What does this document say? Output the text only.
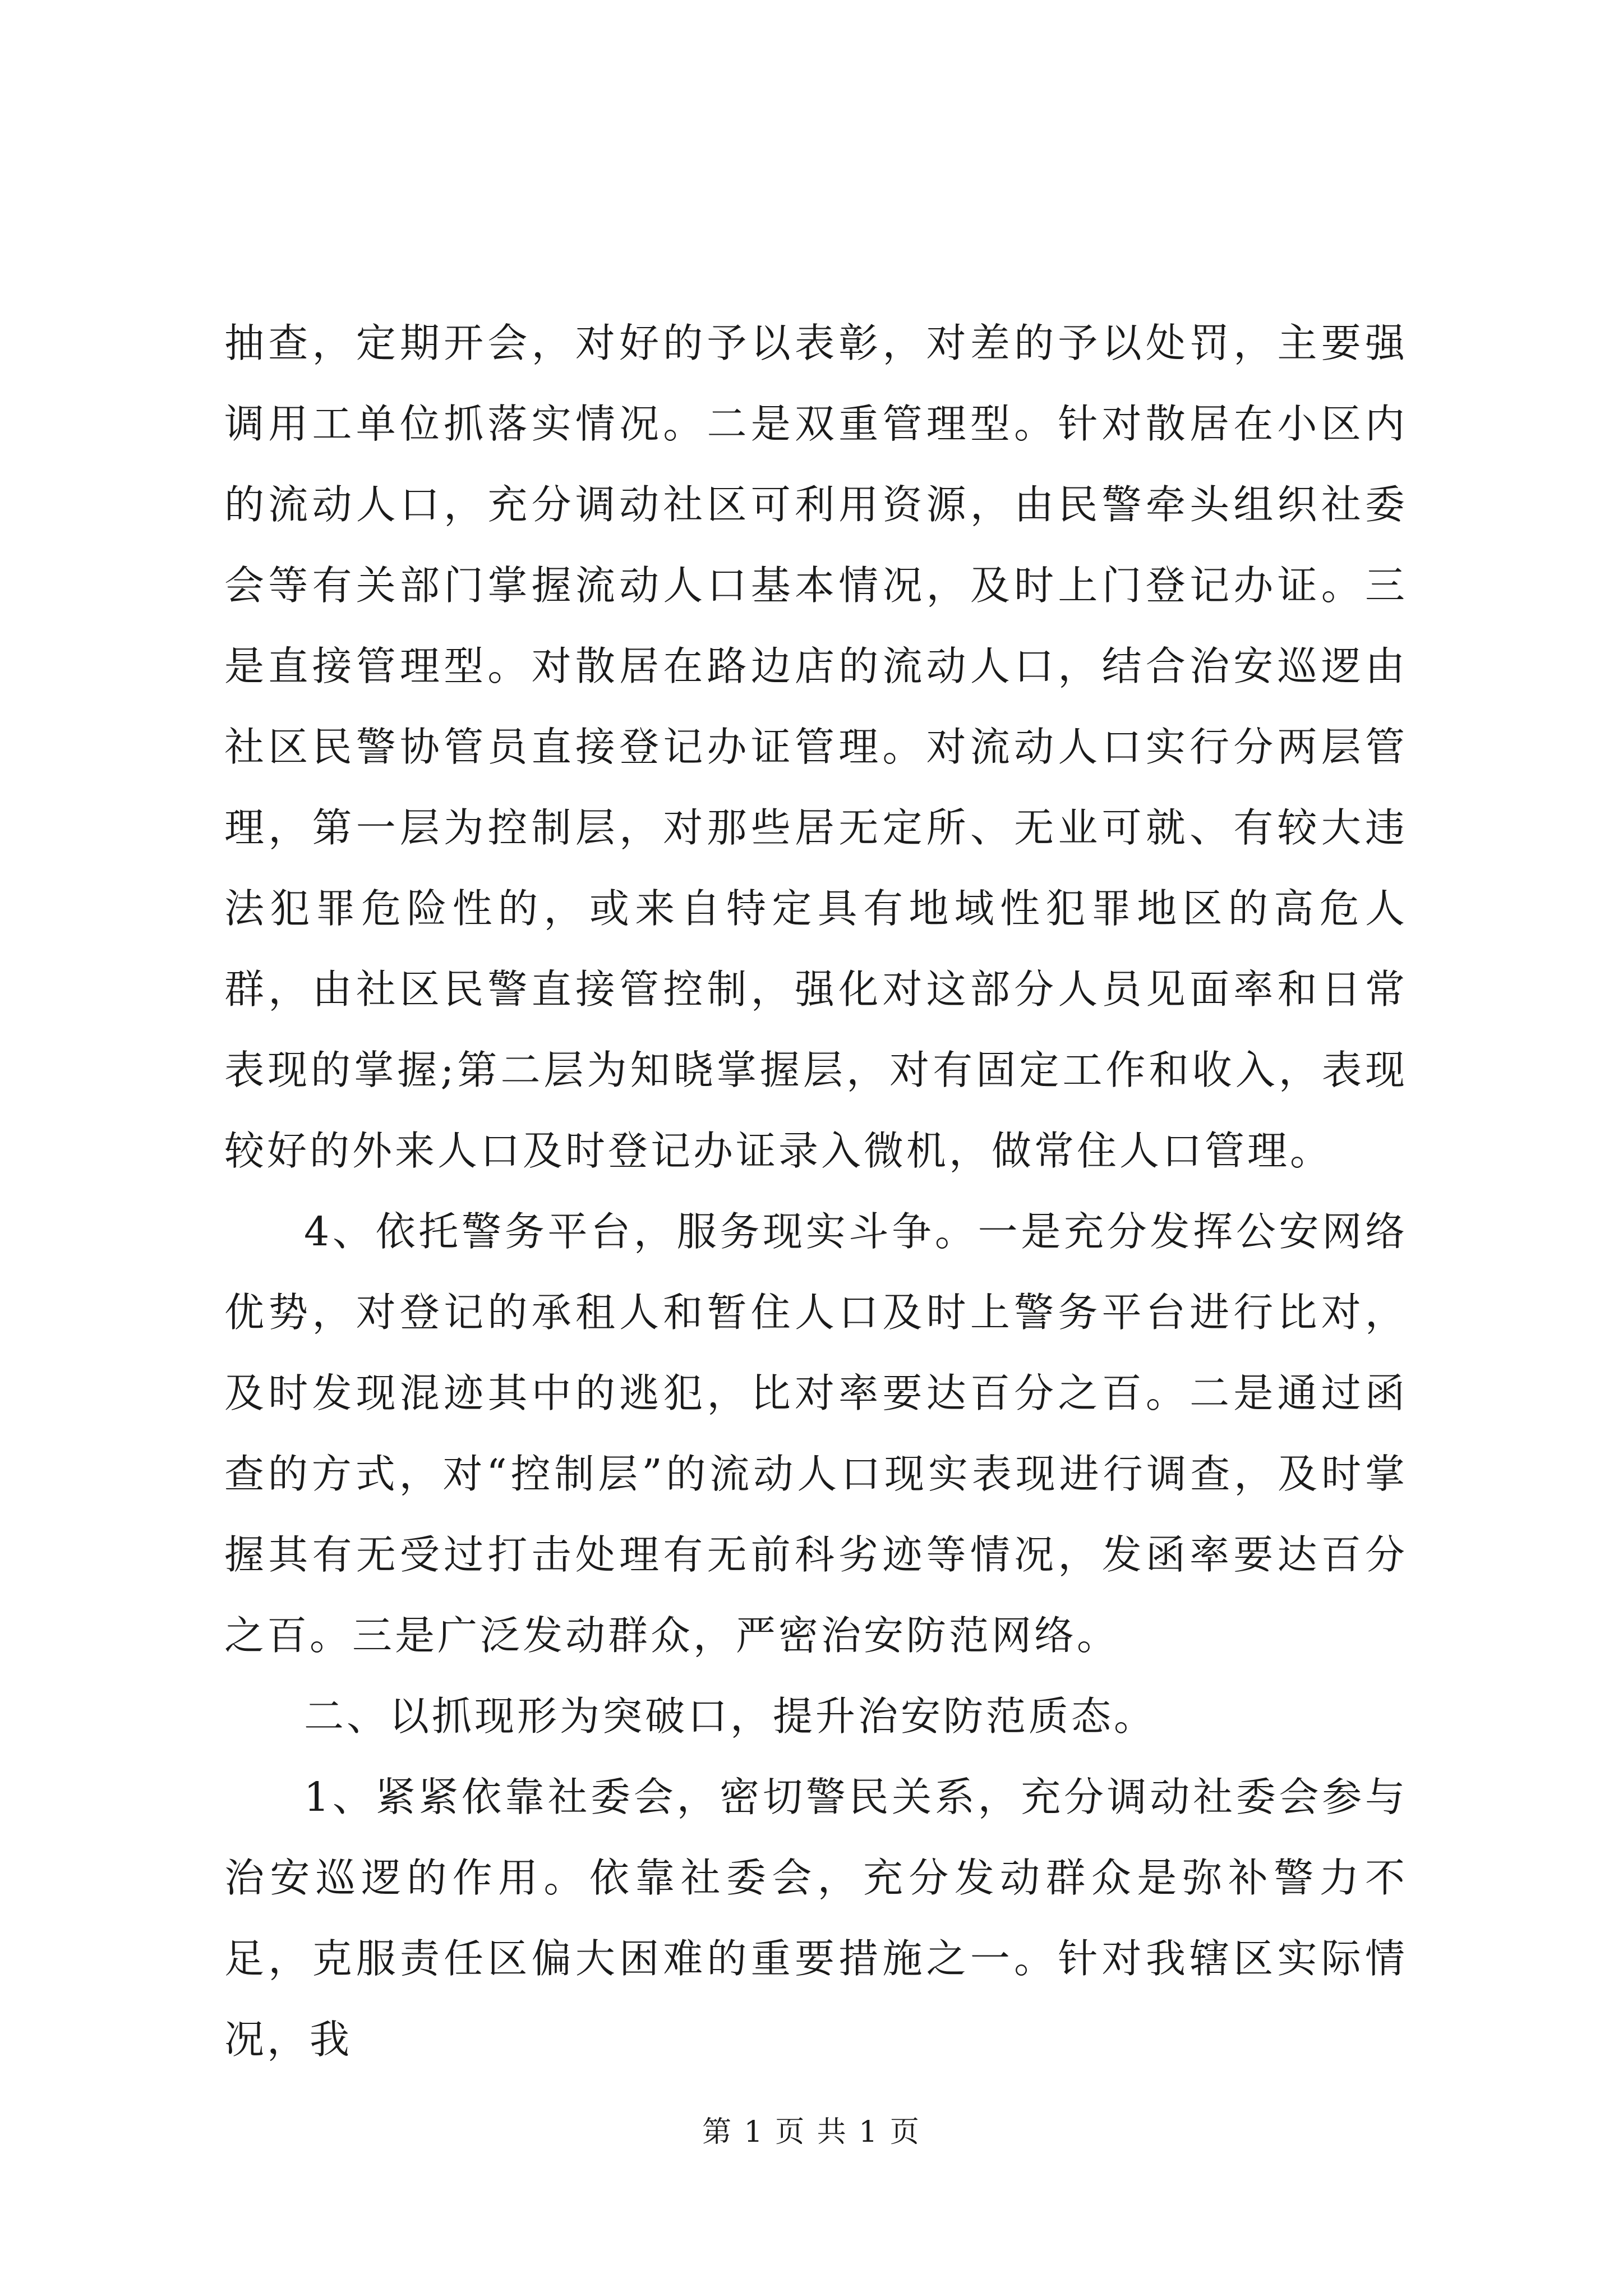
抽查，定期开会，对好的予以表彰，对差的予以处罚，主要强调用工单位抓落实情况。二是双重管理型。针对散居在小区内的流动人口，充分调动社区可利用资源，由民警牵头组织社委会等有关部门掌握流动人口基本情况，及时上门登记办证。三是直接管理型。对散居在路边店的流动人口，结合治安巡逻由社区民警协管员直接登记办证管理。对流动人口实行分两层管理，第一层为控制层，对那些居无定所、无业可就、有较大违法犯罪危险性的，或来自特定具有地域性犯罪地区的高危人群，由社区民警直接管控制，强化对这部分人员见面率和日常表现的掌握;第二层为知晓掌握层，对有固定工作和收入，表现较好的外来人口及时登记办证录入微机，做常住人口管理。

4、依托警务平台，服务现实斗争。一是充分发挥公安网络优势，对登记的承租人和暂住人口及时上警务平台进行比对，及时发现混迹其中的逃犯，比对率要达百分之百。二是通过函查的方式，对“控制层”的流动人口现实表现进行调查，及时掌握其有无受过打击处理有无前科劣迹等情况，发函率要达百分之百。三是广泛发动群众，严密治安防范网络。

二、以抓现形为突破口，提升治安防范质态。

1、紧紧依靠社委会，密切警民关系，充分调动社委会参与治安巡逻的作用。依靠社委会，充分发动群众是弥补警力不足，克服责任区偏大困难的重要措施之一。针对我辖区实际情况，我

第 1 页 共 1 页
